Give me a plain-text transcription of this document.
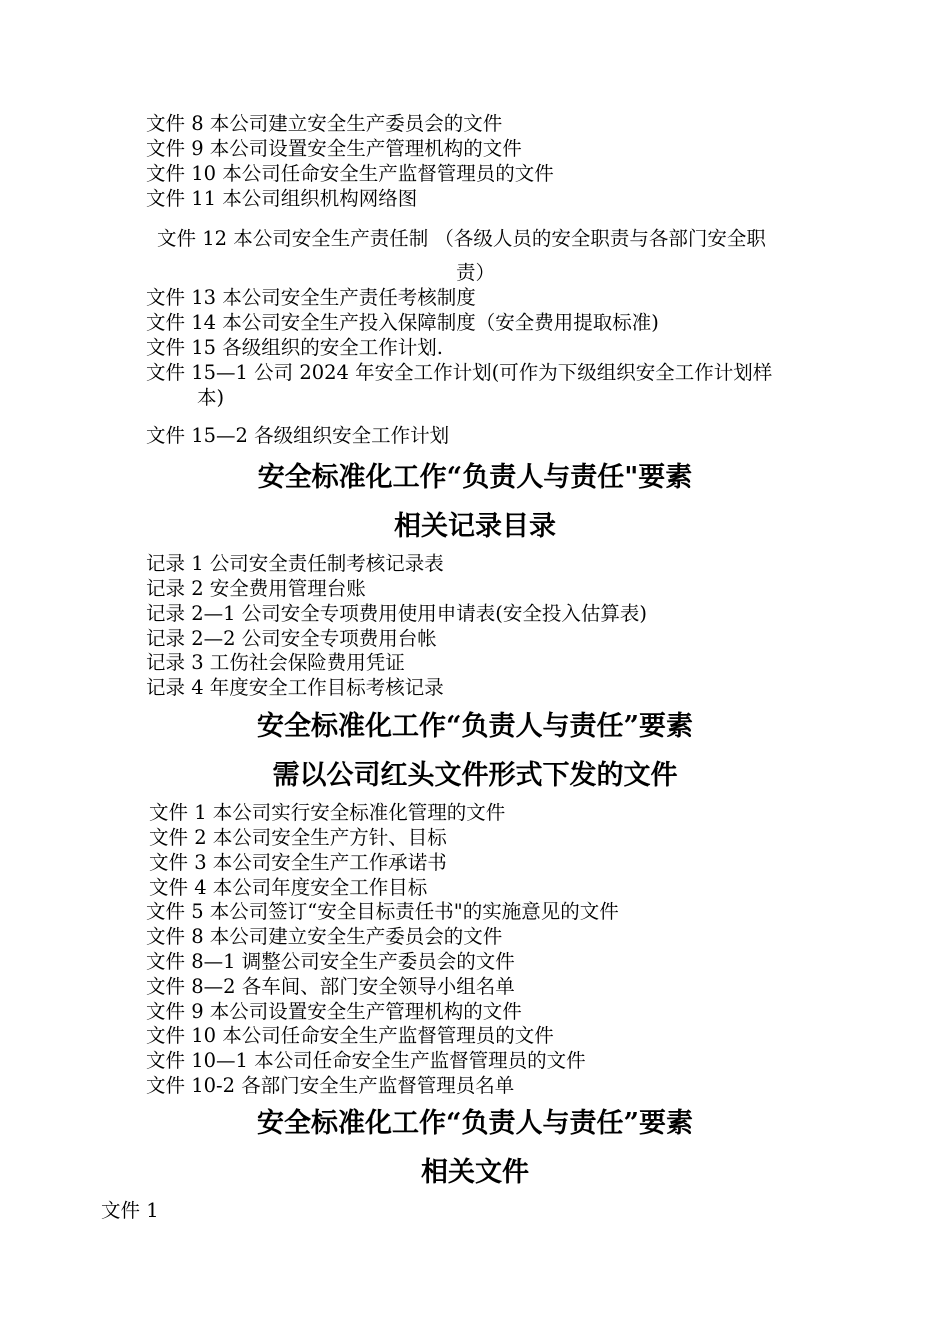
文件 8 本公司建立安全生产委员会的文件
文件 9 本公司设置安全生产管理机构的文件
文件 10 本公司任命安全生产监督管理员的文件
文件 11 本公司组织机构网络图
文件 12 本公司安全生产责任制 （各级人员的安全职责与各部门安全职
责）
文件 13 本公司安全生产责任考核制度
文件 14 本公司安全生产投入保障制度（安全费用提取标准)
文件 15 各级组织的安全工作计划.
文件 15—1 公司 2024 年安全工作计划(可作为下级组织安全工作计划样
本)
文件 15—2 各级组织安全工作计划
安全标准化工作“负责人与责任"要素
相关记录目录
记录 1 公司安全责任制考核记录表
记录 2 安全费用管理台账
记录 2—1 公司安全专项费用使用申请表(安全投入估算表)
记录 2—2 公司安全专项费用台帐
记录 3 工伤社会保险费用凭证
记录 4 年度安全工作目标考核记录
安全标准化工作“负责人与责任”要素
需以公司红头文件形式下发的文件
文件 1 本公司实行安全标准化管理的文件
文件 2 本公司安全生产方针、目标
文件 3 本公司安全生产工作承诺书
文件 4 本公司年度安全工作目标
文件 5 本公司签订“安全目标责任书"的实施意见的文件
文件 8 本公司建立安全生产委员会的文件
文件 8—1 调整公司安全生产委员会的文件
文件 8—2 各车间、部门安全领导小组名单
文件 9 本公司设置安全生产管理机构的文件
文件 10 本公司任命安全生产监督管理员的文件
文件 10—1 本公司任命安全生产监督管理员的文件
文件 10-2 各部门安全生产监督管理员名单
安全标准化工作“负责人与责任”要素
相关文件
文件 1
